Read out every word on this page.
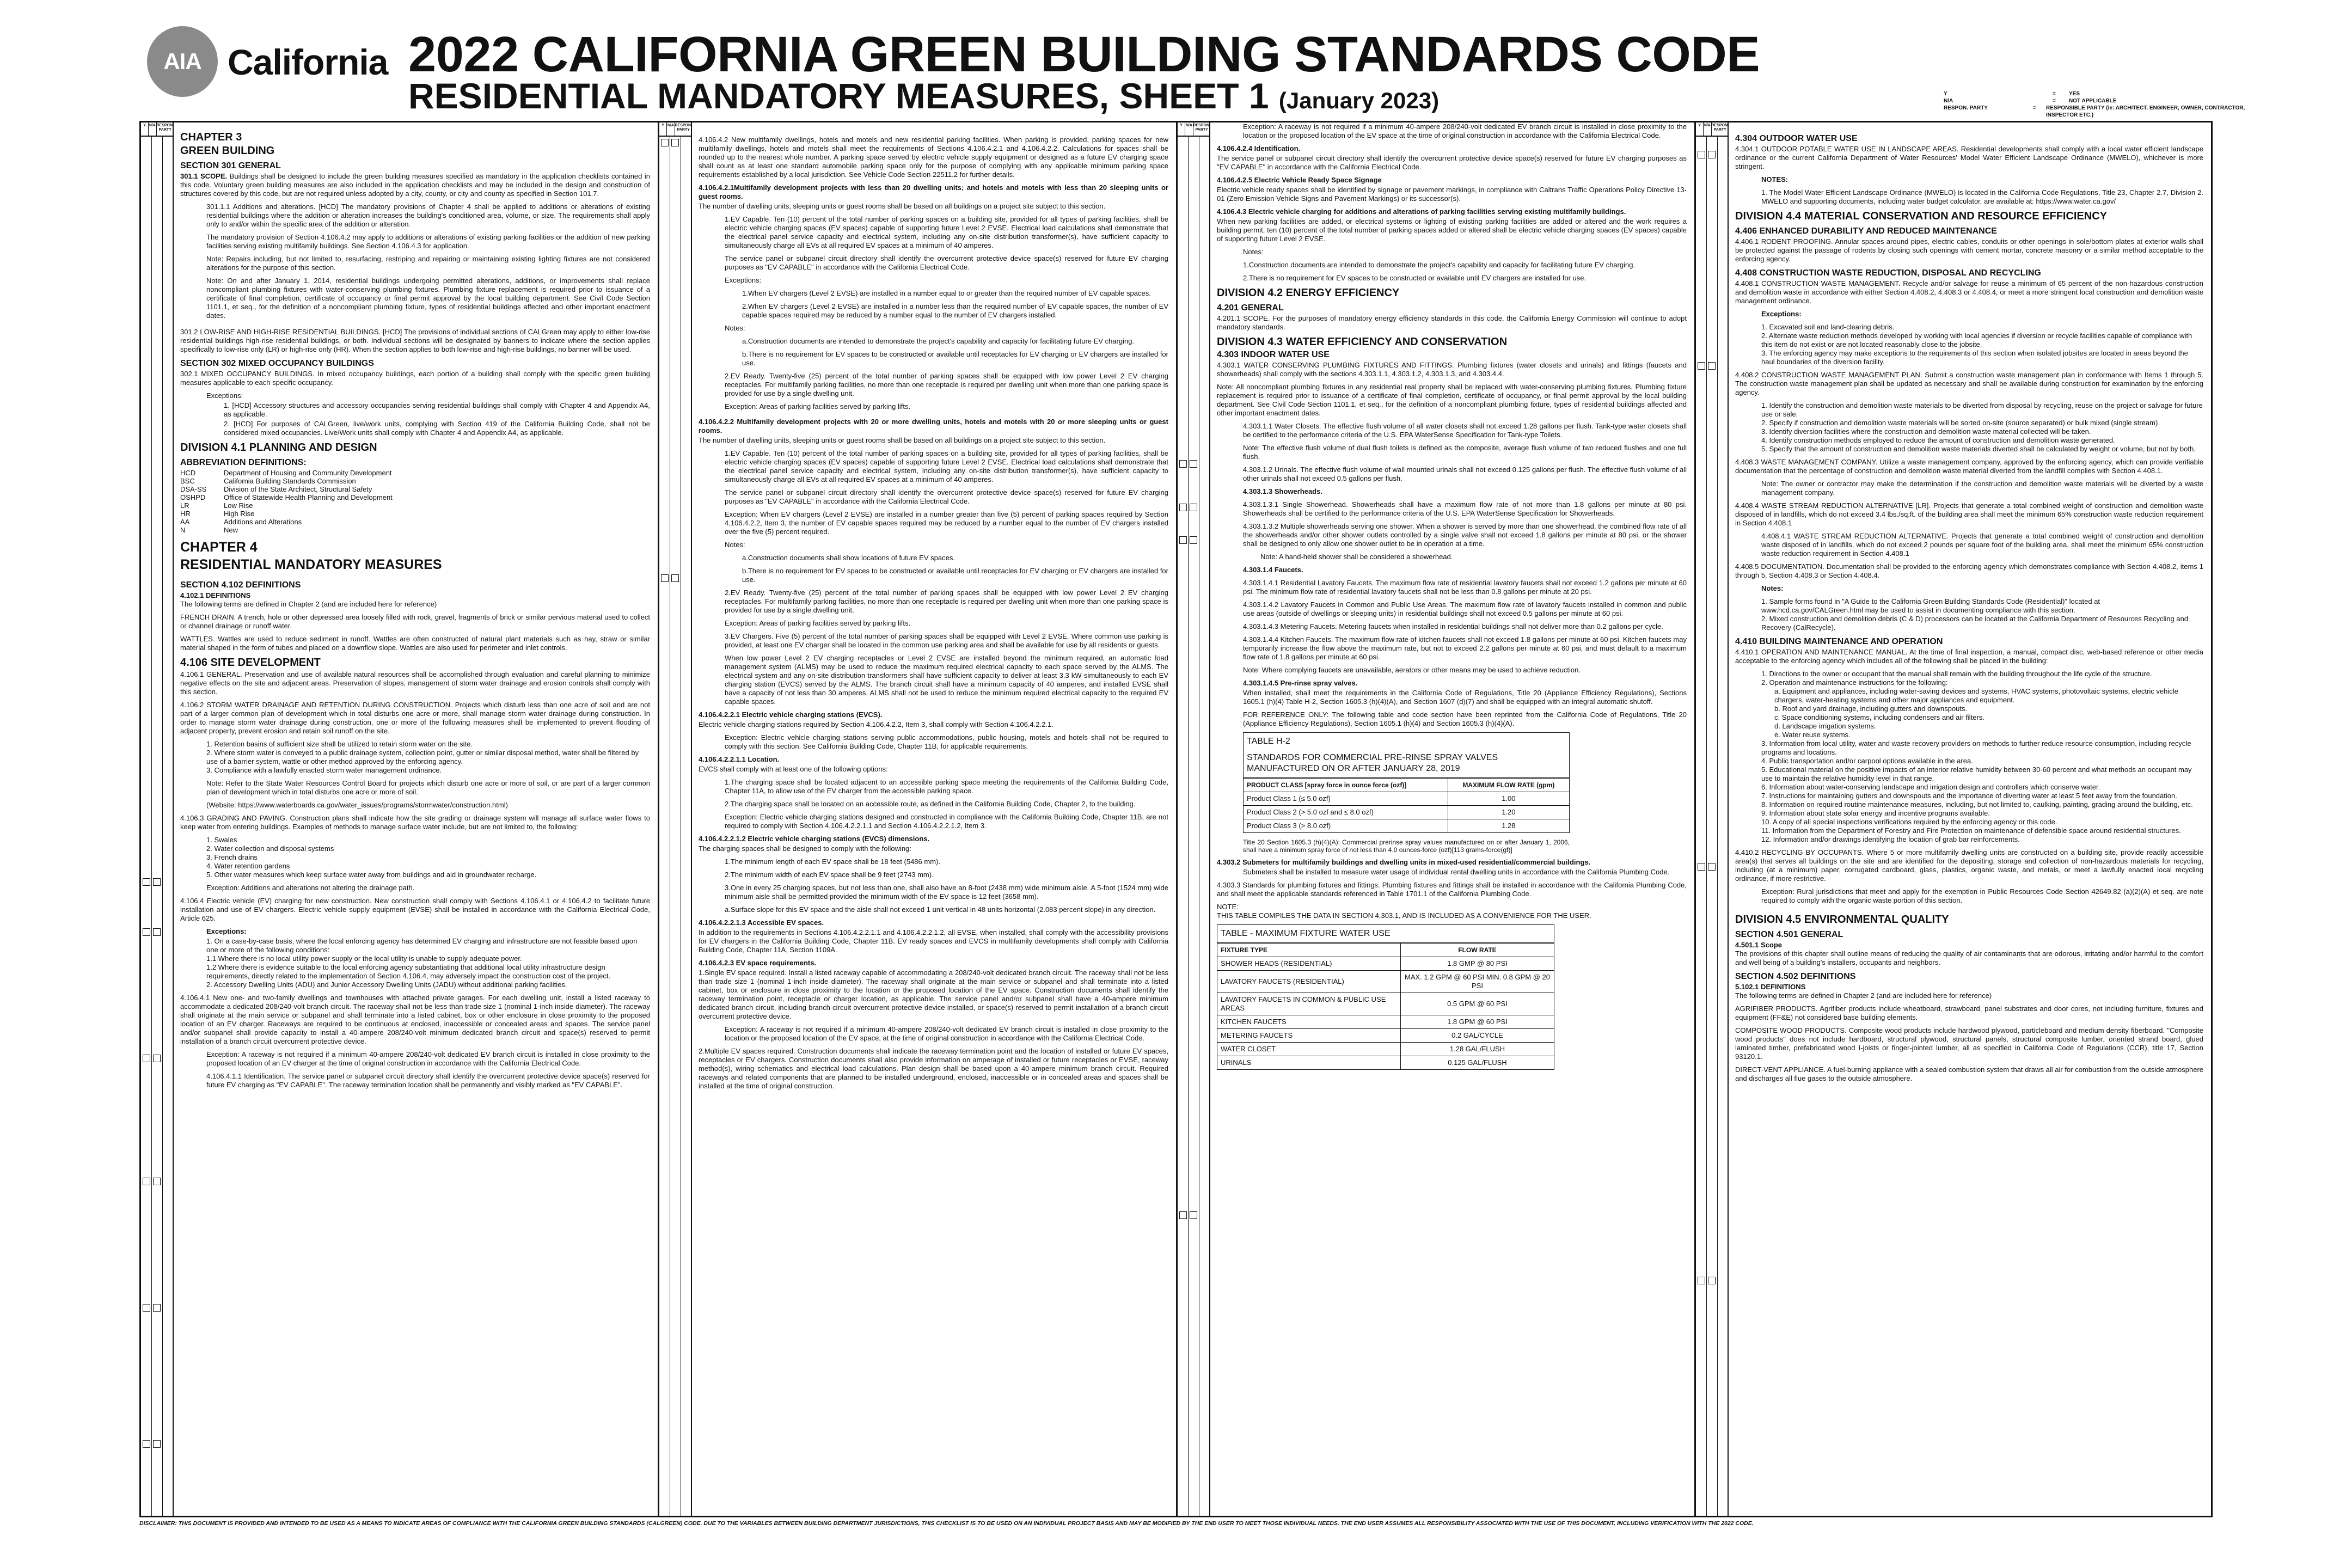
AIA California 2022 CALIFORNIA GREEN BUILDING STANDARDS CODE
RESIDENTIAL MANDATORY MEASURES, SHEET 1 (January 2023)	Y	=	YES
N/A	=	NOT APPLICABLE
RESPON. PARTY	=	RESPONSIBLE PARTY (ie: ARCHITECT, ENGINEER, OWNER, CONTRACTOR, INSPECTOR ETC.)
Y N/A RESPON. PARTY
CHAPTER 3
GREEN BUILDING
SECTION 301 GENERAL

301.1 SCOPE. Buildings shall be designed to include the green building measures specified as mandatory in the application checklists contained in this code. Voluntary green building measures are also included in the application checklists and may be included in the design and construction of structures covered by this code, but are not required unless adopted by a city, county, or city and county as specified in Section 101.7.

301.1.1 Additions and alterations. [HCD] The mandatory provisions of Chapter 4 shall be applied to additions or alterations of existing residential buildings where the addition or alteration increases the building's conditioned area, volume, or size. The requirements shall apply only to and/or within the specific area of the addition or alteration.

The mandatory provision of Section 4.106.4.2 may apply to additions or alterations of existing parking facilities or the addition of new parking facilities serving existing multifamily buildings. See Section 4.106.4.3 for application.

Note: Repairs including, but not limited to, resurfacing, restriping and repairing or maintaining existing lighting fixtures are not considered alterations for the purpose of this section.

Note: On and after January 1, 2014, residential buildings undergoing permitted alterations, additions, or improvements shall replace noncompliant plumbing fixtures with water-conserving plumbing fixtures. Plumbing fixture replacement is required prior to issuance of a certificate of final completion, certificate of occupancy or final permit approval by the local building department. See Civil Code Section 1101.1, et seq., for the definition of a noncompliant plumbing fixture, types of residential buildings affected and other important enactment dates.

301.2 LOW-RISE AND HIGH-RISE RESIDENTIAL BUILDINGS. [HCD] The provisions of individual sections of CALGreen may apply to either low-rise residential buildings high-rise residential buildings, or both. Individual sections will be designated by banners to indicate where the section applies specifically to low-rise only (LR) or high-rise only (HR). When the section applies to both low-rise and high-rise buildings, no banner will be used.

SECTION 302 MIXED OCCUPANCY BUILDINGS

302.1 MIXED OCCUPANCY BUILDINGS. In mixed occupancy buildings, each portion of a building shall comply with the specific green building measures applicable to each specific occupancy.

Exceptions:

1. [HCD] Accessory structures and accessory occupancies serving residential buildings shall comply with Chapter 4 and Appendix A4, as applicable.

2. [HCD] For purposes of CALGreen, live/work units, complying with Section 419 of the California Building Code, shall not be considered mixed occupancies. Live/Work units shall comply with Chapter 4 and Appendix A4, as applicable.

DIVISION 4.1 PLANNING AND DESIGN
ABBREVIATION DEFINITIONS:
HCD	Department of Housing and Community Development
BSC	California Building Standards Commission
DSA-SS	Division of the State Architect, Structural Safety
OSHPD	Office of Statewide Health Planning and Development
LR	Low Rise
HR	High Rise
AA	Additions and Alterations
N	New
CHAPTER 4
RESIDENTIAL MANDATORY MEASURES
SECTION 4.102 DEFINITIONS

4.102.1 DEFINITIONS

The following terms are defined in Chapter 2 (and are included here for reference)

FRENCH DRAIN. A trench, hole or other depressed area loosely filled with rock, gravel, fragments of brick or similar pervious material used to collect or channel drainage or runoff water.

WATTLES. Wattles are used to reduce sediment in runoff. Wattles are often constructed of natural plant materials such as hay, straw or similar material shaped in the form of tubes and placed on a downflow slope. Wattles are also used for perimeter and inlet controls.

4.106 SITE DEVELOPMENT

4.106.1 GENERAL. Preservation and use of available natural resources shall be accomplished through evaluation and careful planning to minimize negative effects on the site and adjacent areas. Preservation of slopes, management of storm water drainage and erosion controls shall comply with this section.

4.106.2 STORM WATER DRAINAGE AND RETENTION DURING CONSTRUCTION. Projects which disturb less than one acre of soil and are not part of a larger common plan of development which in total disturbs one acre or more, shall manage storm water drainage during construction. In order to manage storm water drainage during construction, one or more of the following measures shall be implemented to prevent flooding of adjacent property, prevent erosion and retain soil runoff on the site.

1. Retention basins of sufficient size shall be utilized to retain storm water on the site.
2. Where storm water is conveyed to a public drainage system, collection point, gutter or similar disposal method, water shall be filtered by use of a barrier system, wattle or other method approved by the enforcing agency.
3. Compliance with a lawfully enacted storm water management ordinance.

Note: Refer to the State Water Resources Control Board for projects which disturb one acre or more of soil, or are part of a larger common plan of development which in total disturbs one acre or more of soil.

(Website: https://www.waterboards.ca.gov/water_issues/programs/stormwater/construction.html)

4.106.3 GRADING AND PAVING. Construction plans shall indicate how the site grading or drainage system will manage all surface water flows to keep water from entering buildings. Examples of methods to manage surface water include, but are not limited to, the following:

1. Swales
2. Water collection and disposal systems
3. French drains
4. Water retention gardens
5. Other water measures which keep surface water away from buildings and aid in groundwater recharge.

Exception: Additions and alterations not altering the drainage path.

4.106.4 Electric vehicle (EV) charging for new construction. New construction shall comply with Sections 4.106.4.1 or 4.106.4.2 to facilitate future installation and use of EV chargers. Electric vehicle supply equipment (EVSE) shall be installed in accordance with the California Electrical Code, Article 625.

Exceptions:

1. On a case-by-case basis, where the local enforcing agency has determined EV charging and infrastructure are not feasible based upon one or more of the following conditions:
1.1 Where there is no local utility power supply or the local utility is unable to supply adequate power.
1.2 Where there is evidence suitable to the local enforcing agency substantiating that additional local utility infrastructure design requirements, directly related to the implementation of Section 4.106.4, may adversely impact the construction cost of the project.
2. Accessory Dwelling Units (ADU) and Junior Accessory Dwelling Units (JADU) without additional parking facilities.

4.106.4.1 New one- and two-family dwellings and townhouses with attached private garages. For each dwelling unit, install a listed raceway to accommodate a dedicated 208/240-volt branch circuit. The raceway shall not be less than trade size 1 (nominal 1-inch inside diameter). The raceway shall originate at the main service or subpanel and shall terminate into a listed cabinet, box or other enclosure in close proximity to the proposed location of an EV charger. Raceways are required to be continuous at enclosed, inaccessible or concealed areas and spaces. The service panel and/or subpanel shall provide capacity to install a 40-ampere 208/240-volt minimum dedicated branch circuit and space(s) reserved to permit installation of a branch circuit overcurrent protective device.

Exception: A raceway is not required if a minimum 40-ampere 208/240-volt dedicated EV branch circuit is installed in close proximity to the proposed location of an EV charger at the time of original construction in accordance with the California Electrical Code.

4.106.4.1.1 Identification. The service panel or subpanel circuit directory shall identify the overcurrent protective device space(s) reserved for future EV charging as "EV CAPABLE". The raceway termination location shall be permanently and visibly marked as "EV CAPABLE".

Y N/A RESPON. PARTY

4.106.4.2 New multifamily dwellings, hotels and motels and new residential parking facilities. When parking is provided, parking spaces for new multifamily dwellings, hotels and motels shall meet the requirements of Sections 4.106.4.2.1 and 4.106.4.2.2. Calculations for spaces shall be rounded up to the nearest whole number. A parking space served by electric vehicle supply equipment or designed as a future EV charging space shall count as at least one standard automobile parking space only for the purpose of complying with any applicable minimum parking space requirements established by a local jurisdiction. See Vehicle Code Section 22511.2 for further details.

4.106.4.2.1Multifamily development projects with less than 20 dwelling units; and hotels and motels with less than 20 sleeping units or guest rooms.

The number of dwelling units, sleeping units or guest rooms shall be based on all buildings on a project site subject to this section.

1.EV Capable. Ten (10) percent of the total number of parking spaces on a building site, provided for all types of parking facilities, shall be electric vehicle charging spaces (EV spaces) capable of supporting future Level 2 EVSE. Electrical load calculations shall demonstrate that the electrical panel service capacity and electrical system, including any on-site distribution transformer(s), have sufficient capacity to simultaneously charge all EVs at all required EV spaces at a minimum of 40 amperes.

The service panel or subpanel circuit directory shall identify the overcurrent protective device space(s) reserved for future EV charging purposes as "EV CAPABLE" in accordance with the California Electrical Code.

Exceptions:

1.When EV chargers (Level 2 EVSE) are installed in a number equal to or greater than the required number of EV capable spaces.

2.When EV chargers (Level 2 EVSE) are installed in a number less than the required number of EV capable spaces, the number of EV capable spaces required may be reduced by a number equal to the number of EV chargers installed.

Notes:

a.Construction documents are intended to demonstrate the project's capability and capacity for facilitating future EV charging.

b.There is no requirement for EV spaces to be constructed or available until receptacles for EV charging or EV chargers are installed for use.

2.EV Ready. Twenty-five (25) percent of the total number of parking spaces shall be equipped with low power Level 2 EV charging receptacles. For multifamily parking facilities, no more than one receptacle is required per dwelling unit when more than one parking space is provided for use by a single dwelling unit.

Exception: Areas of parking facilities served by parking lifts.

4.106.4.2.2 Multifamily development projects with 20 or more dwelling units, hotels and motels with 20 or more sleeping units or guest rooms.

The number of dwelling units, sleeping units or guest rooms shall be based on all buildings on a project site subject to this section.

1.EV Capable. Ten (10) percent of the total number of parking spaces on a building site, provided for all types of parking facilities, shall be electric vehicle charging spaces (EV spaces) capable of supporting future Level 2 EVSE. Electrical load calculations shall demonstrate that the electrical panel service capacity and electrical system, including any on-site distribution transformer(s), have sufficient capacity to simultaneously charge all EVs at all required EV spaces at a minimum of 40 amperes.

The service panel or subpanel circuit directory shall identify the overcurrent protective device space(s) reserved for future EV charging purposes as "EV CAPABLE" in accordance with the California Electrical Code.

Exception: When EV chargers (Level 2 EVSE) are installed in a number greater than five (5) percent of parking spaces required by Section 4.106.4.2.2, Item 3, the number of EV capable spaces required may be reduced by a number equal to the number of EV chargers installed over the five (5) percent required.

Notes:

a.Construction documents shall show locations of future EV spaces.

b.There is no requirement for EV spaces to be constructed or available until receptacles for EV charging or EV chargers are installed for use.

2.EV Ready. Twenty-five (25) percent of the total number of parking spaces shall be equipped with low power Level 2 EV charging receptacles. For multifamily parking facilities, no more than one receptacle is required per dwelling unit when more than one parking space is provided for use by a single dwelling unit.

Exception: Areas of parking facilities served by parking lifts.

3.EV Chargers. Five (5) percent of the total number of parking spaces shall be equipped with Level 2 EVSE. Where common use parking is provided, at least one EV charger shall be located in the common use parking area and shall be available for use by all residents or guests.

When low power Level 2 EV charging receptacles or Level 2 EVSE are installed beyond the minimum required, an automatic load management system (ALMS) may be used to reduce the maximum required electrical capacity to each space served by the ALMS. The electrical system and any on-site distribution transformers shall have sufficient capacity to deliver at least 3.3 kW simultaneously to each EV charging station (EVCS) served by the ALMS. The branch circuit shall have a minimum capacity of 40 amperes, and installed EVSE shall have a capacity of not less than 30 amperes. ALMS shall not be used to reduce the minimum required electrical capacity to the required EV capable spaces.

4.106.4.2.2.1 Electric vehicle charging stations (EVCS).

Electric vehicle charging stations required by Section 4.106.4.2.2, Item 3, shall comply with Section 4.106.4.2.2.1.

Exception: Electric vehicle charging stations serving public accommodations, public housing, motels and hotels shall not be required to comply with this section. See California Building Code, Chapter 11B, for applicable requirements.

4.106.4.2.2.1.1 Location.

EVCS shall comply with at least one of the following options:

1.The charging space shall be located adjacent to an accessible parking space meeting the requirements of the California Building Code, Chapter 11A, to allow use of the EV charger from the accessible parking space.

2.The charging space shall be located on an accessible route, as defined in the California Building Code, Chapter 2, to the building.

Exception: Electric vehicle charging stations designed and constructed in compliance with the California Building Code, Chapter 11B, are not required to comply with Section 4.106.4.2.2.1.1 and Section 4.106.4.2.2.1.2, Item 3.

4.106.4.2.2.1.2 Electric vehicle charging stations (EVCS) dimensions.

The charging spaces shall be designed to comply with the following:

1.The minimum length of each EV space shall be 18 feet (5486 mm).

2.The minimum width of each EV space shall be 9 feet (2743 mm).

3.One in every 25 charging spaces, but not less than one, shall also have an 8-foot (2438 mm) wide minimum aisle. A 5-foot (1524 mm) wide minimum aisle shall be permitted provided the minimum width of the EV space is 12 feet (3658 mm).

a.Surface slope for this EV space and the aisle shall not exceed 1 unit vertical in 48 units horizontal (2.083 percent slope) in any direction.

4.106.4.2.2.1.3 Accessible EV spaces.

In addition to the requirements in Sections 4.106.4.2.2.1.1 and 4.106.4.2.2.1.2, all EVSE, when installed, shall comply with the accessibility provisions for EV chargers in the California Building Code, Chapter 11B. EV ready spaces and EVCS in multifamily developments shall comply with California Building Code, Chapter 11A, Section 1109A.

4.106.4.2.3 EV space requirements.

1.Single EV space required. Install a listed raceway capable of accommodating a 208/240-volt dedicated branch circuit. The raceway shall not be less than trade size 1 (nominal 1-inch inside diameter). The raceway shall originate at the main service or subpanel and shall terminate into a listed cabinet, box or enclosure in close proximity to the location or the proposed location of the EV space. Construction documents shall identify the raceway termination point, receptacle or charger location, as applicable. The service panel and/or subpanel shall have a 40-ampere minimum dedicated branch circuit, including branch circuit overcurrent protective device installed, or space(s) reserved to permit installation of a branch circuit overcurrent protective device.

Exception: A raceway is not required if a minimum 40-ampere 208/240-volt dedicated EV branch circuit is installed in close proximity to the location or the proposed location of the EV space, at the time of original construction in accordance with the California Electrical Code.

2.Multiple EV spaces required. Construction documents shall indicate the raceway termination point and the location of installed or future EV spaces, receptacles or EV chargers. Construction documents shall also provide information on amperage of installed or future receptacles or EVSE, raceway method(s), wiring schematics and electrical load calculations. Plan design shall be based upon a 40-ampere minimum branch circuit. Required raceways and related components that are planned to be installed underground, enclosed, inaccessible or in concealed areas and spaces shall be installed at the time of original construction.

Y N/A RESPON. PARTY	Exception: A raceway is not required if a minimum 40-ampere 208/240-volt dedicated EV branch circuit is installed in close proximity to the location or the proposed location of the EV space at the time of original construction in accordance with the California Electrical Code.

4.106.4.2.4 Identification.

The service panel or subpanel circuit directory shall identify the overcurrent protective device space(s) reserved for future EV charging purposes as "EV CAPABLE" in accordance with the California Electrical Code.

4.106.4.2.5 Electric Vehicle Ready Space Signage

Electric vehicle ready spaces shall be identified by signage or pavement markings, in compliance with Caltrans Traffic Operations Policy Directive 13-01 (Zero Emission Vehicle Signs and Pavement Markings) or its successor(s).

4.106.4.3 Electric vehicle charging for additions and alterations of parking facilities serving existing multifamily buildings.

When new parking facilities are added, or electrical systems or lighting of existing parking facilities are added or altered and the work requires a building permit, ten (10) percent of the total number of parking spaces added or altered shall be electric vehicle charging spaces (EV spaces) capable of supporting future Level 2 EVSE.

Notes:

1.Construction documents are intended to demonstrate the project's capability and capacity for facilitating future EV charging.

2.There is no requirement for EV spaces to be constructed or available until EV chargers are installed for use.

DIVISION 4.2 ENERGY EFFICIENCY
4.201 GENERAL

4.201.1 SCOPE. For the purposes of mandatory energy efficiency standards in this code, the California Energy Commission will continue to adopt mandatory standards.

DIVISION 4.3 WATER EFFICIENCY AND CONSERVATION
4.303 INDOOR WATER USE

4.303.1 WATER CONSERVING PLUMBING FIXTURES AND FITTINGS. Plumbing fixtures (water closets and urinals) and fittings (faucets and showerheads) shall comply with the sections 4.303.1.1, 4.303.1.2, 4.303.1.3, and 4.303.4.4.

Note: All noncompliant plumbing fixtures in any residential real property shall be replaced with water-conserving plumbing fixtures. Plumbing fixture replacement is required prior to issuance of a certificate of final completion, certificate of occupancy, or final permit approval by the local building department. See Civil Code Section 1101.1, et seq., for the definition of a noncompliant plumbing fixture, types of residential buildings affected and other important enactment dates.

4.303.1.1 Water Closets. The effective flush volume of all water closets shall not exceed 1.28 gallons per flush. Tank-type water closets shall be certified to the performance criteria of the U.S. EPA WaterSense Specification for Tank-type Toilets.

Note: The effective flush volume of dual flush toilets is defined as the composite, average flush volume of two reduced flushes and one full flush.

4.303.1.2 Urinals. The effective flush volume of wall mounted urinals shall not exceed 0.125 gallons per flush. The effective flush volume of all other urinals shall not exceed 0.5 gallons per flush.

4.303.1.3 Showerheads.

4.303.1.3.1 Single Showerhead. Showerheads shall have a maximum flow rate of not more than 1.8 gallons per minute at 80 psi. Showerheads shall be certified to the performance criteria of the U.S. EPA WaterSense Specification for Showerheads.

4.303.1.3.2 Multiple showerheads serving one shower. When a shower is served by more than one showerhead, the combined flow rate of all the showerheads and/or other shower outlets controlled by a single valve shall not exceed 1.8 gallons per minute at 80 psi, or the shower shall be designed to only allow one shower outlet to be in operation at a time.

Note: A hand-held shower shall be considered a showerhead.

4.303.1.4 Faucets.

4.303.1.4.1 Residential Lavatory Faucets. The maximum flow rate of residential lavatory faucets shall not exceed 1.2 gallons per minute at 60 psi. The minimum flow rate of residential lavatory faucets shall not be less than 0.8 gallons per minute at 20 psi.

4.303.1.4.2 Lavatory Faucets in Common and Public Use Areas. The maximum flow rate of lavatory faucets installed in common and public use areas (outside of dwellings or sleeping units) in residential buildings shall not exceed 0.5 gallons per minute at 60 psi.

4.303.1.4.3 Metering Faucets. Metering faucets when installed in residential buildings shall not deliver more than 0.2 gallons per cycle.

4.303.1.4.4 Kitchen Faucets. The maximum flow rate of kitchen faucets shall not exceed 1.8 gallons per minute at 60 psi. Kitchen faucets may temporarily increase the flow above the maximum rate, but not to exceed 2.2 gallons per minute at 60 psi, and must default to a maximum flow rate of 1.8 gallons per minute at 60 psi.

Note: Where complying faucets are unavailable, aerators or other means may be used to achieve reduction.

4.303.1.4.5 Pre-rinse spray valves.

When installed, shall meet the requirements in the California Code of Regulations, Title 20 (Appliance Efficiency Regulations), Sections 1605.1 (h)(4) Table H-2, Section 1605.3 (h)(4)(A), and Section 1607 (d)(7) and shall be equipped with an integral automatic shutoff.

FOR REFERENCE ONLY: The following table and code section have been reprinted from the California Code of Regulations, Title 20 (Appliance Efficiency Regulations), Section 1605.1 (h)(4) and Section 1605.3 (h)(4)(A).

TABLE H-2
STANDARDS FOR COMMERCIAL PRE-RINSE SPRAY VALVES MANUFACTURED ON OR AFTER JANUARY 28, 2019
PRODUCT CLASS [spray force in ounce force (ozf)]	MAXIMUM FLOW RATE (gpm)
Product Class 1 (≤ 5.0 ozf)	1.00
Product Class 2 (> 5.0 ozf and ≤ 8.0 ozf)	1.20
Product Class 3 (> 8.0 ozf)	1.28

Title 20 Section 1605.3 (h)(4)(A): Commercial prerinse spray values manufactured on or after January 1, 2006, shall have a minimum spray force of not less than 4.0 ounces-force (ozf)[113 grams-force(gf)]

4.303.2 Submeters for multifamily buildings and dwelling units in mixed-used residential/commercial buildings.

Submeters shall be installed to measure water usage of individual rental dwelling units in accordance with the California Plumbing Code.

4.303.3 Standards for plumbing fixtures and fittings. Plumbing fixtures and fittings shall be installed in accordance with the California Plumbing Code, and shall meet the applicable standards referenced in Table 1701.1 of the California Plumbing Code.

NOTE:

THIS TABLE COMPILES THE DATA IN SECTION 4.303.1, AND IS INCLUDED AS A CONVENIENCE FOR THE USER.

TABLE - MAXIMUM FIXTURE WATER USE
FIXTURE TYPE	FLOW RATE
SHOWER HEADS (RESIDENTIAL)	1.8 GMP @ 80 PSI
LAVATORY FAUCETS (RESIDENTIAL)	MAX. 1.2 GPM @ 60 PSI MIN. 0.8 GPM @ 20 PSI
LAVATORY FAUCETS IN COMMON & PUBLIC USE AREAS	0.5 GPM @ 60 PSI
KITCHEN FAUCETS	1.8 GPM @ 60 PSI
METERING FAUCETS	0.2 GAL/CYCLE
WATER CLOSET	1.28 GAL/FLUSH
URINALS	0.125 GAL/FLUSH
Y N/A RESPON. PARTY
4.304 OUTDOOR WATER USE

4.304.1 OUTDOOR POTABLE WATER USE IN LANDSCAPE AREAS. Residential developments shall comply with a local water efficient landscape ordinance or the current California Department of Water Resources' Model Water Efficient Landscape Ordinance (MWELO), whichever is more stringent.

NOTES:

1. The Model Water Efficient Landscape Ordinance (MWELO) is located in the California Code Regulations, Title 23, Chapter 2.7, Division 2. MWELO and supporting documents, including water budget calculator, are available at: https://www.water.ca.gov/

DIVISION 4.4 MATERIAL CONSERVATION AND RESOURCE EFFICIENCY
4.406 ENHANCED DURABILITY AND REDUCED MAINTENANCE

4.406.1 RODENT PROOFING. Annular spaces around pipes, electric cables, conduits or other openings in sole/bottom plates at exterior walls shall be protected against the passage of rodents by closing such openings with cement mortar, concrete masonry or a similar method acceptable to the enforcing agency.

4.408 CONSTRUCTION WASTE REDUCTION, DISPOSAL AND RECYCLING

4.408.1 CONSTRUCTION WASTE MANAGEMENT. Recycle and/or salvage for reuse a minimum of 65 percent of the non-hazardous construction and demolition waste in accordance with either Section 4.408.2, 4.408.3 or 4.408.4, or meet a more stringent local construction and demolition waste management ordinance.

Exceptions:

1. Excavated soil and land-clearing debris.
2. Alternate waste reduction methods developed by working with local agencies if diversion or recycle facilities capable of compliance with this item do not exist or are not located reasonably close to the jobsite.
3. The enforcing agency may make exceptions to the requirements of this section when isolated jobsites are located in areas beyond the haul boundaries of the diversion facility.

4.408.2 CONSTRUCTION WASTE MANAGEMENT PLAN. Submit a construction waste management plan in conformance with Items 1 through 5. The construction waste management plan shall be updated as necessary and shall be available during construction for examination by the enforcing agency.

1. Identify the construction and demolition waste materials to be diverted from disposal by recycling, reuse on the project or salvage for future use or sale.
2. Specify if construction and demolition waste materials will be sorted on-site (source separated) or bulk mixed (single stream).
3. Identify diversion facilities where the construction and demolition waste material collected will be taken.
4. Identify construction methods employed to reduce the amount of construction and demolition waste generated.
5. Specify that the amount of construction and demolition waste materials diverted shall be calculated by weight or volume, but not by both.

4.408.3 WASTE MANAGEMENT COMPANY. Utilize a waste management company, approved by the enforcing agency, which can provide verifiable documentation that the percentage of construction and demolition waste material diverted from the landfill complies with Section 4.408.1.

Note: The owner or contractor may make the determination if the construction and demolition waste materials will be diverted by a waste management company.

4.408.4 WASTE STREAM REDUCTION ALTERNATIVE [LR]. Projects that generate a total combined weight of construction and demolition waste disposed of in landfills, which do not exceed 3.4 lbs./sq.ft. of the building area shall meet the minimum 65% construction waste reduction requirement in Section 4.408.1

4.408.4.1 WASTE STREAM REDUCTION ALTERNATIVE. Projects that generate a total combined weight of construction and demolition waste disposed of in landfills, which do not exceed 2 pounds per square foot of the building area, shall meet the minimum 65% construction waste reduction requirement in Section 4.408.1

4.408.5 DOCUMENTATION. Documentation shall be provided to the enforcing agency which demonstrates compliance with Section 4.408.2, items 1 through 5, Section 4.408.3 or Section 4.408.4.

Notes:

1. Sample forms found in "A Guide to the California Green Building Standards Code (Residential)" located at www.hcd.ca.gov/CALGreen.html may be used to assist in documenting compliance with this section.
2. Mixed construction and demolition debris (C & D) processors can be located at the California Department of Resources Recycling and Recovery (CalRecycle).
4.410 BUILDING MAINTENANCE AND OPERATION

4.410.1 OPERATION AND MAINTENANCE MANUAL. At the time of final inspection, a manual, compact disc, web-based reference or other media acceptable to the enforcing agency which includes all of the following shall be placed in the building:

1. Directions to the owner or occupant that the manual shall remain with the building throughout the life cycle of the structure.
2. Operation and maintenance instructions for the following:
a. Equipment and appliances, including water-saving devices and systems, HVAC systems, photovoltaic systems, electric vehicle chargers, water-heating systems and other major appliances and equipment.
b. Roof and yard drainage, including gutters and downspouts.
c. Space conditioning systems, including condensers and air filters.
d. Landscape irrigation systems.
e. Water reuse systems.
3. Information from local utility, water and waste recovery providers on methods to further reduce resource consumption, including recycle programs and locations.
4. Public transportation and/or carpool options available in the area.
5. Educational material on the positive impacts of an interior relative humidity between 30-60 percent and what methods an occupant may use to maintain the relative humidity level in that range.
6. Information about water-conserving landscape and irrigation design and controllers which conserve water.
7. Instructions for maintaining gutters and downspouts and the importance of diverting water at least 5 feet away from the foundation.
8. Information on required routine maintenance measures, including, but not limited to, caulking, painting, grading around the building, etc.
9. Information about state solar energy and incentive programs available.
10. A copy of all special inspections verifications required by the enforcing agency or this code.
11. Information from the Department of Forestry and Fire Protection on maintenance of defensible space around residential structures.
12. Information and/or drawings identifying the location of grab bar reinforcements.

4.410.2 RECYCLING BY OCCUPANTS. Where 5 or more multifamily dwelling units are constructed on a building site, provide readily accessible area(s) that serves all buildings on the site and are identified for the depositing, storage and collection of non-hazardous materials for recycling, including (at a minimum) paper, corrugated cardboard, glass, plastics, organic waste, and metals, or meet a lawfully enacted local recycling ordinance, if more restrictive.

Exception: Rural jurisdictions that meet and apply for the exemption in Public Resources Code Section 42649.82 (a)(2)(A) et seq. are note required to comply with the organic waste portion of this section.

DIVISION 4.5 ENVIRONMENTAL QUALITY
SECTION 4.501 GENERAL

4.501.1 Scope

The provisions of this chapter shall outline means of reducing the quality of air contaminants that are odorous, irritating and/or harmful to the comfort and well being of a building's installers, occupants and neighbors.

SECTION 4.502 DEFINITIONS

5.102.1 DEFINITIONS

The following terms are defined in Chapter 2 (and are included here for reference)

AGRIFIBER PRODUCTS. Agrifiber products include wheatboard, strawboard, panel substrates and door cores, not including furniture, fixtures and equipment (FF&E) not considered base building elements.

COMPOSITE WOOD PRODUCTS. Composite wood products include hardwood plywood, particleboard and medium density fiberboard. "Composite wood products" does not include hardboard, structural plywood, structural panels, structural composite lumber, oriented strand board, glued laminated timber, prefabricated wood I-joists or finger-jointed lumber, all as specified in California Code of Regulations (CCR), title 17, Section 93120.1.

DIRECT-VENT APPLIANCE. A fuel-burning appliance with a sealed combustion system that draws all air for combustion from the outside atmosphere and discharges all flue gases to the outside atmosphere.

DISCLAIMER: THIS DOCUMENT IS PROVIDED AND INTENDED TO BE USED AS A MEANS TO INDICATE AREAS OF COMPLIANCE WITH THE CALIFORNIA GREEN BUILDING STANDARDS (CALGREEN) CODE. DUE TO THE VARIABLES BETWEEN BUILDING DEPARTMENT JURISDICTIONS, THIS CHECKLIST IS TO BE USED ON AN INDIVIDUAL PROJECT BASIS AND MAY BE MODIFIED BY THE END USER TO MEET THOSE INDIVIDUAL NEEDS. THE END USER ASSUMES ALL RESPONSIBILITY ASSOCIATED WITH THE USE OF THIS DOCUMENT, INCLUDING VERIFICATION WITH THE 2022 CODE.
